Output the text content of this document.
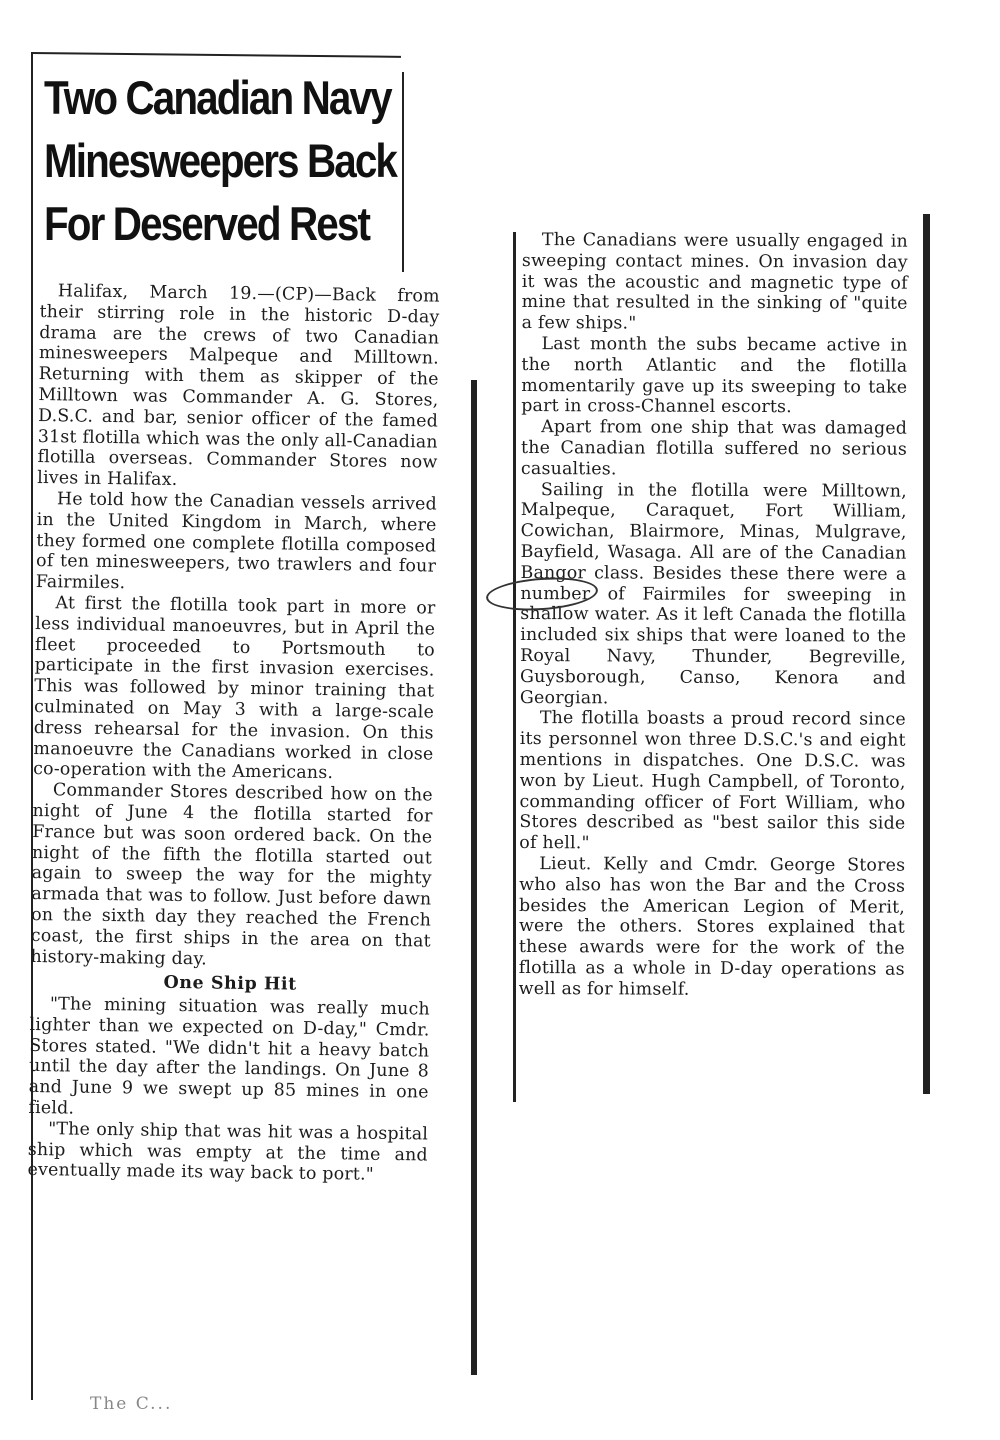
Two Canadian Navy
Minesweepers Back
For Deserved Rest

Halifax, March 19.—(CP)—Back from their stirring role in the historic D-day drama are the crews of two Canadian minesweepers Malpeque and Milltown. Returning with them as skipper of the Milltown was Commander A. G. Stores, D.S.C. and bar, senior officer of the famed 31st flotilla which was the only all-Canadian flotilla overseas. Commander Stores now lives in Halifax.

He told how the Canadian vessels arrived in the United Kingdom in March, where they formed one complete flotilla composed of ten minesweepers, two trawlers and four Fairmiles.

At first the flotilla took part in more or less individual manoeuvres, but in April the fleet proceeded to Portsmouth to participate in the first invasion exercises. This was followed by minor training that culminated on May 3 with a large-scale dress rehearsal for the invasion. On this manoeuvre the Canadians worked in close co-operation with the Americans.

Commander Stores described how on the night of June 4 the flotilla started for France but was soon ordered back. On the night of the fifth the flotilla started out again to sweep the way for the mighty armada that was to follow. Just before dawn on the sixth day they reached the French coast, the first ships in the area on that history-making day.

One Ship Hit

"The mining situation was really much lighter than we expected on D-day," Cmdr. Stores stated. "We didn't hit a heavy batch until the day after the landings. On June 8 and June 9 we swept up 85 mines in one field.

"The only ship that was hit was a hospital ship which was empty at the time and eventually made its way back to port."

The C...

The Canadians were usually engaged in sweeping contact mines. On invasion day it was the acoustic and magnetic type of mine that resulted in the sinking of "quite a few ships."

Last month the subs became active in the north Atlantic and the flotilla momentarily gave up its sweeping to take part in cross-Channel escorts.

Apart from one ship that was damaged the Canadian flotilla suffered no serious casualties.

Sailing in the flotilla were Milltown, Malpeque, Caraquet, Fort William, Cowichan, Blairmore, Minas, Mulgrave, Bayfield, Wasaga. All are of the Canadian Bangor class. Besides these there were a number of Fairmiles for sweeping in shallow water. As it left Canada the flotilla included six ships that were loaned to the Royal Navy, Thunder, Begreville, Guysborough, Canso, Kenora and Georgian.

The flotilla boasts a proud record since its personnel won three D.S.C.'s and eight mentions in dispatches. One D.S.C. was won by Lieut. Hugh Campbell, of Toronto, commanding officer of Fort William, who Stores described as "best sailor this side of hell."

Lieut. Kelly and Cmdr. George Stores who also has won the Bar and the Cross besides the American Legion of Merit, were the others. Stores explained that these awards were for the work of the flotilla as a whole in D-day operations as well as for himself.
